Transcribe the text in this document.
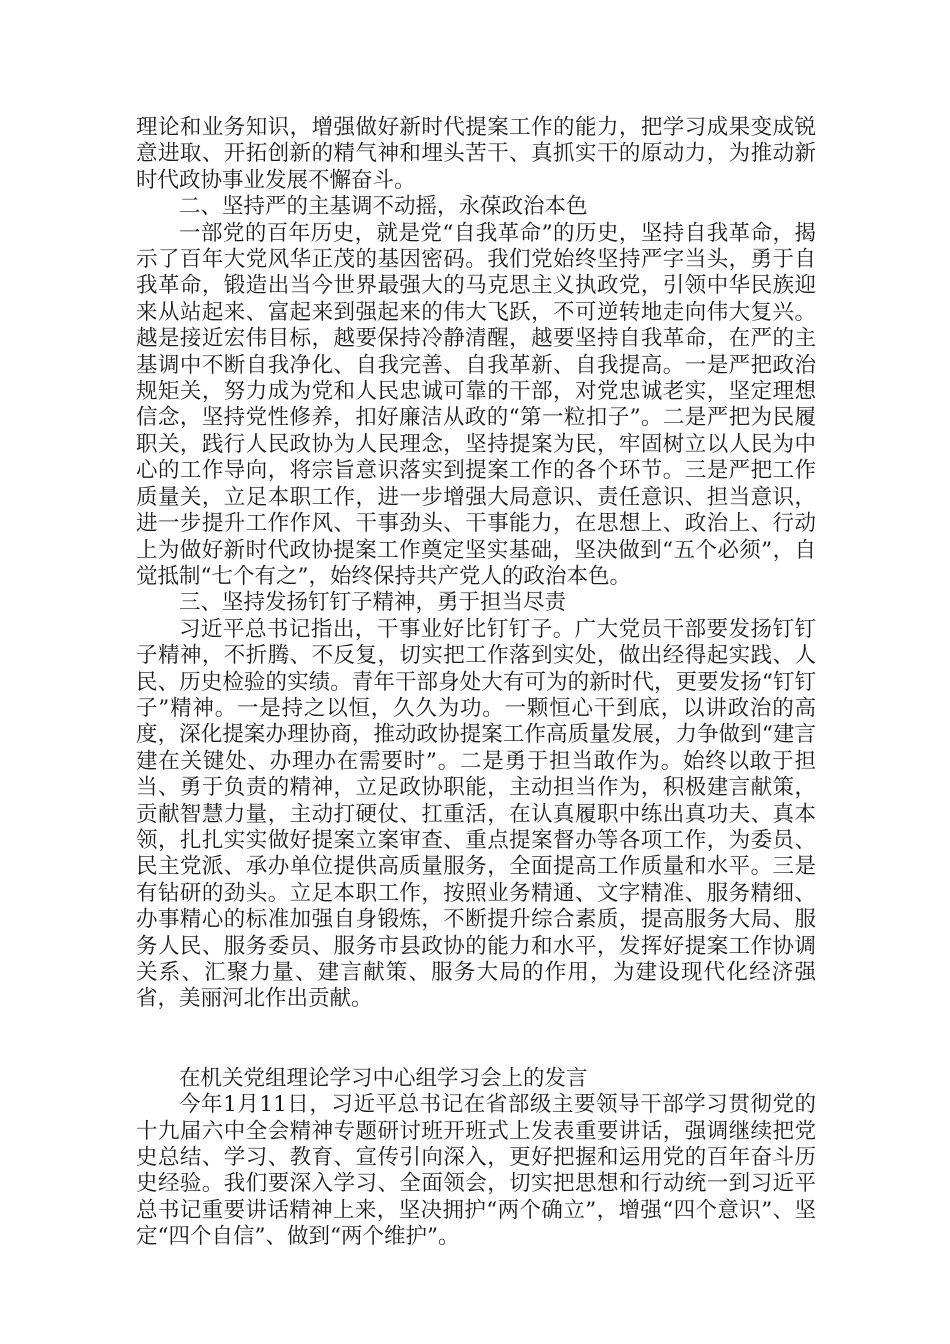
理论和业务知识，增强做好新时代提案工作的能力，把学习成果变成锐意进取、开拓创新的精气神和埋头苦干、真抓实干的原动力，为推动新时代政协事业发展不懈奋斗。

二、坚持严的主基调不动摇，永葆政治本色

一部党的百年历史，就是党“自我革命”的历史，坚持自我革命，揭示了百年大党风华正茂的基因密码。我们党始终坚持严字当头，勇于自我革命，锻造出当今世界最强大的马克思主义执政党，引领中华民族迎来从站起来、富起来到强起来的伟大飞跃，不可逆转地走向伟大复兴。越是接近宏伟目标，越要保持冷静清醒，越要坚持自我革命，在严的主基调中不断自我净化、自我完善、自我革新、自我提高。一是严把政治规矩关，努力成为党和人民忠诚可靠的干部，对党忠诚老实，坚定理想信念，坚持党性修养，扣好廉洁从政的“第一粒扣子”。二是严把为民履职关，践行人民政协为人民理念，坚持提案为民，牢固树立以人民为中心的工作导向，将宗旨意识落实到提案工作的各个环节。三是严把工作质量关，立足本职工作，进一步增强大局意识、责任意识、担当意识，进一步提升工作作风、干事劲头、干事能力，在思想上、政治上、行动上为做好新时代政协提案工作奠定坚实基础，坚决做到“五个必须”，自觉抵制“七个有之”，始终保持共产党人的政治本色。

三、坚持发扬钉钉子精神，勇于担当尽责

习近平总书记指出，干事业好比钉钉子。广大党员干部要发扬钉钉子精神，不折腾、不反复，切实把工作落到实处，做出经得起实践、人民、历史检验的实绩。青年干部身处大有可为的新时代，更要发扬“钉钉子”精神。一是持之以恒，久久为功。一颗恒心干到底，以讲政治的高度，深化提案办理协商，推动政协提案工作高质量发展，力争做到“建言建在关键处、办理办在需要时”。二是勇于担当敢作为。始终以敢于担当、勇于负责的精神，立足政协职能，主动担当作为，积极建言献策，贡献智慧力量，主动打硬仗、扛重活，在认真履职中练出真功夫、真本领，扎扎实实做好提案立案审查、重点提案督办等各项工作，为委员、民主党派、承办单位提供高质量服务，全面提高工作质量和水平。三是有钻研的劲头。立足本职工作，按照业务精通、文字精准、服务精细、办事精心的标准加强自身锻炼，不断提升综合素质，提高服务大局、服务人民、服务委员、服务市县政协的能力和水平，发挥好提案工作协调关系、汇聚力量、建言献策、服务大局的作用，为建设现代化经济强省，美丽河北作出贡献。

在机关党组理论学习中心组学习会上的发言

今年1月11日，习近平总书记在省部级主要领导干部学习贯彻党的十九届六中全会精神专题研讨班开班式上发表重要讲话，强调继续把党史总结、学习、教育、宣传引向深入，更好把握和运用党的百年奋斗历史经验。我们要深入学习、全面领会，切实把思想和行动统一到习近平总书记重要讲话精神上来，坚决拥护“两个确立”，增强“四个意识”、坚定“四个自信”、做到“两个维护”。
